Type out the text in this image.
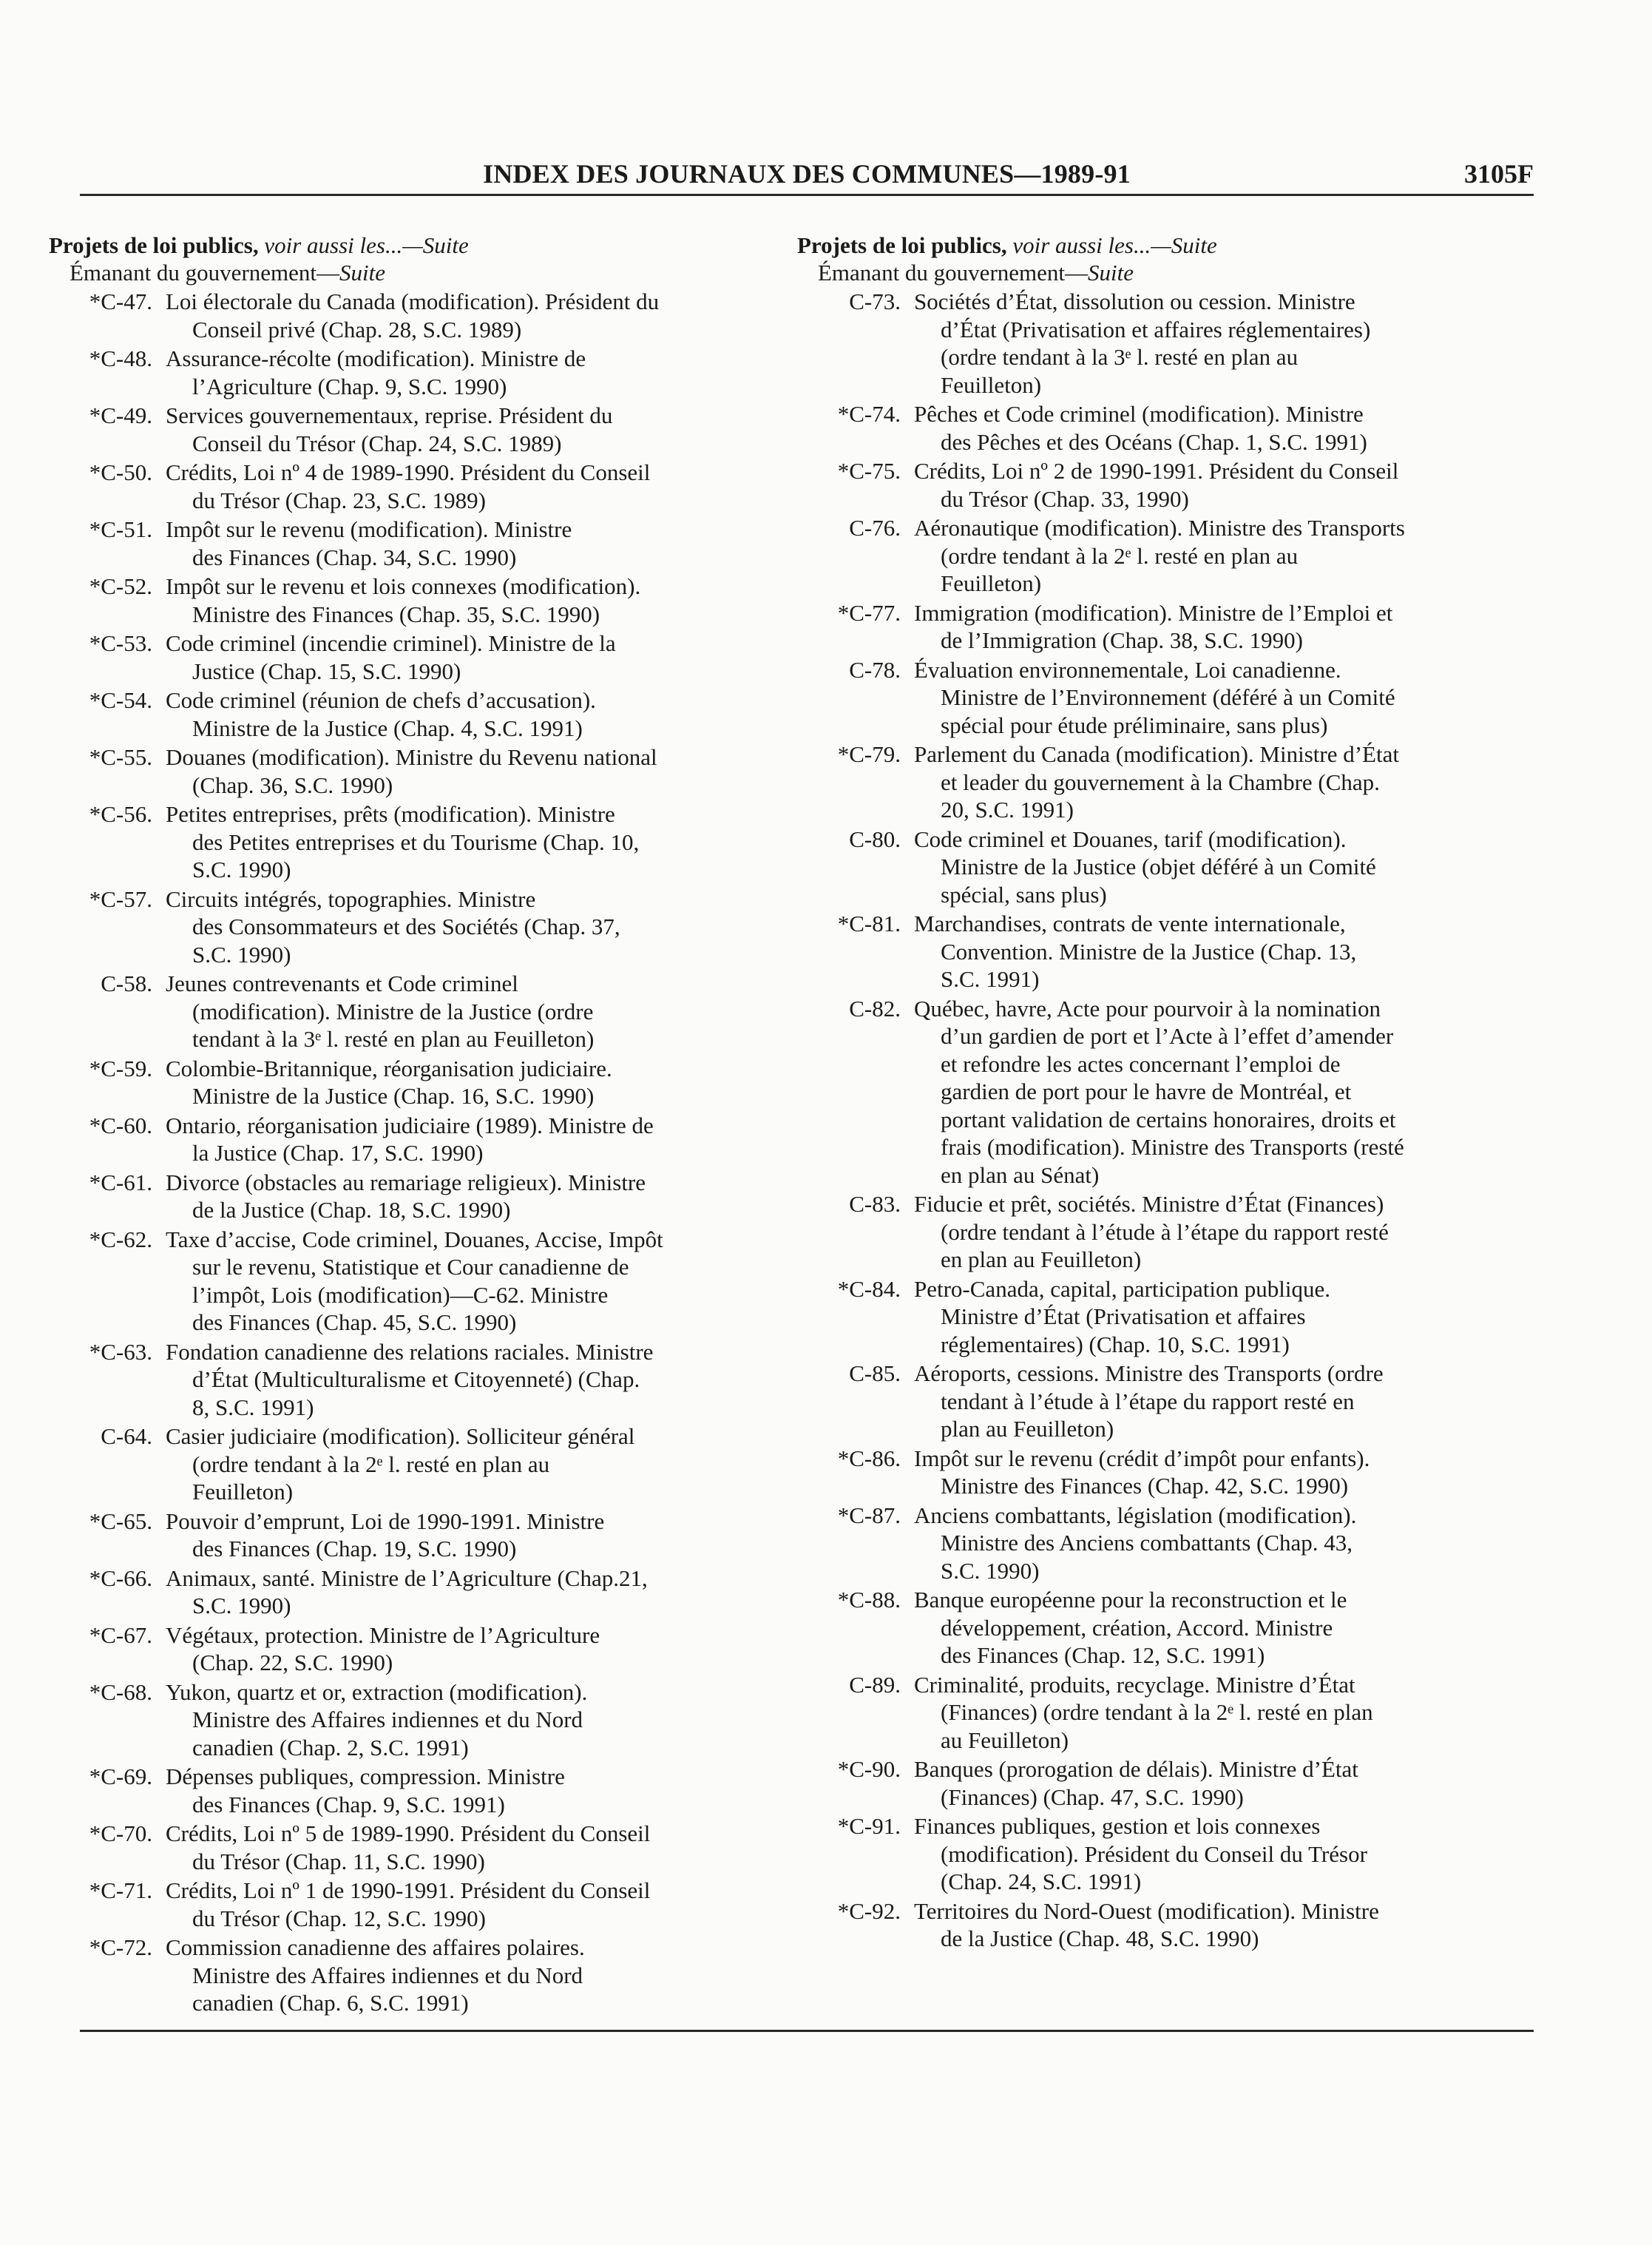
INDEX DES JOURNAUX DES COMMUNES—1989-91	3105F
Projets de loi publics, voir aussi les...—Suite
Émanant du gouvernement—Suite
*C-47. Loi électorale du Canada (modification). Président du
Conseil privé (Chap. 28, S.C. 1989)
*C-48. Assurance-récolte (modification). Ministre de
l’Agriculture (Chap. 9, S.C. 1990)
*C-49. Services gouvernementaux, reprise. Président du
Conseil du Trésor (Chap. 24, S.C. 1989)
*C-50. Crédits, Loi nº 4 de 1989-1990. Président du Conseil
du Trésor (Chap. 23, S.C. 1989)
*C-51. Impôt sur le revenu (modification). Ministre
des Finances (Chap. 34, S.C. 1990)
*C-52. Impôt sur le revenu et lois connexes (modification).
Ministre des Finances (Chap. 35, S.C. 1990)
*C-53. Code criminel (incendie criminel). Ministre de la
Justice (Chap. 15, S.C. 1990)
*C-54. Code criminel (réunion de chefs d’accusation).
Ministre de la Justice (Chap. 4, S.C. 1991)
*C-55. Douanes (modification). Ministre du Revenu national
(Chap. 36, S.C. 1990)
*C-56. Petites entreprises, prêts (modification). Ministre
des Petites entreprises et du Tourisme (Chap. 10,
S.C. 1990)
*C-57. Circuits intégrés, topographies. Ministre
des Consommateurs et des Sociétés (Chap. 37,
S.C. 1990)
C-58. Jeunes contrevenants et Code criminel
(modification). Ministre de la Justice (ordre
tendant à la 3ᵉ l. resté en plan au Feuilleton)
*C-59. Colombie-Britannique, réorganisation judiciaire.
Ministre de la Justice (Chap. 16, S.C. 1990)
*C-60. Ontario, réorganisation judiciaire (1989). Ministre de
la Justice (Chap. 17, S.C. 1990)
*C-61. Divorce (obstacles au remariage religieux). Ministre
de la Justice (Chap. 18, S.C. 1990)
*C-62. Taxe d’accise, Code criminel, Douanes, Accise, Impôt
sur le revenu, Statistique et Cour canadienne de
l’impôt, Lois (modification)—C-62. Ministre
des Finances (Chap. 45, S.C. 1990)
*C-63. Fondation canadienne des relations raciales. Ministre
d’État (Multiculturalisme et Citoyenneté) (Chap.
8, S.C. 1991)
C-64. Casier judiciaire (modification). Solliciteur général
(ordre tendant à la 2ᵉ l. resté en plan au
Feuilleton)
*C-65. Pouvoir d’emprunt, Loi de 1990-1991. Ministre
des Finances (Chap. 19, S.C. 1990)
*C-66. Animaux, santé. Ministre de l’Agriculture (Chap.21,
S.C. 1990)
*C-67. Végétaux, protection. Ministre de l’Agriculture
(Chap. 22, S.C. 1990)
*C-68. Yukon, quartz et or, extraction (modification).
Ministre des Affaires indiennes et du Nord
canadien (Chap. 2, S.C. 1991)
*C-69. Dépenses publiques, compression. Ministre
des Finances (Chap. 9, S.C. 1991)
*C-70. Crédits, Loi nº 5 de 1989-1990. Président du Conseil
du Trésor (Chap. 11, S.C. 1990)
*C-71. Crédits, Loi nº 1 de 1990-1991. Président du Conseil
du Trésor (Chap. 12, S.C. 1990)
*C-72. Commission canadienne des affaires polaires.
Ministre des Affaires indiennes et du Nord
canadien (Chap. 6, S.C. 1991)
Projets de loi publics, voir aussi les...—Suite
Émanant du gouvernement—Suite
C-73. Sociétés d’État, dissolution ou cession. Ministre
d’État (Privatisation et affaires réglementaires)
(ordre tendant à la 3ᵉ l. resté en plan au
Feuilleton)
*C-74. Pêches et Code criminel (modification). Ministre
des Pêches et des Océans (Chap. 1, S.C. 1991)
*C-75. Crédits, Loi nº 2 de 1990-1991. Président du Conseil
du Trésor (Chap. 33, 1990)
C-76. Aéronautique (modification). Ministre des Transports
(ordre tendant à la 2ᵉ l. resté en plan au
Feuilleton)
*C-77. Immigration (modification). Ministre de l’Emploi et
de l’Immigration (Chap. 38, S.C. 1990)
C-78. Évaluation environnementale, Loi canadienne.
Ministre de l’Environnement (déféré à un Comité
spécial pour étude préliminaire, sans plus)
*C-79. Parlement du Canada (modification). Ministre d’État
et leader du gouvernement à la Chambre (Chap.
20, S.C. 1991)
C-80. Code criminel et Douanes, tarif (modification).
Ministre de la Justice (objet déféré à un Comité
spécial, sans plus)
*C-81. Marchandises, contrats de vente internationale,
Convention. Ministre de la Justice (Chap. 13,
S.C. 1991)
C-82. Québec, havre, Acte pour pourvoir à la nomination
d’un gardien de port et l’Acte à l’effet d’amender
et refondre les actes concernant l’emploi de
gardien de port pour le havre de Montréal, et
portant validation de certains honoraires, droits et
frais (modification). Ministre des Transports (resté
en plan au Sénat)
C-83. Fiducie et prêt, sociétés. Ministre d’État (Finances)
(ordre tendant à l’étude à l’étape du rapport resté
en plan au Feuilleton)
*C-84. Petro-Canada, capital, participation publique.
Ministre d’État (Privatisation et affaires
réglementaires) (Chap. 10, S.C. 1991)
C-85. Aéroports, cessions. Ministre des Transports (ordre
tendant à l’étude à l’étape du rapport resté en
plan au Feuilleton)
*C-86. Impôt sur le revenu (crédit d’impôt pour enfants).
Ministre des Finances (Chap. 42, S.C. 1990)
*C-87. Anciens combattants, législation (modification).
Ministre des Anciens combattants (Chap. 43,
S.C. 1990)
*C-88. Banque européenne pour la reconstruction et le
développement, création, Accord. Ministre
des Finances (Chap. 12, S.C. 1991)
C-89. Criminalité, produits, recyclage. Ministre d’État
(Finances) (ordre tendant à la 2ᵉ l. resté en plan
au Feuilleton)
*C-90. Banques (prorogation de délais). Ministre d’État
(Finances) (Chap. 47, S.C. 1990)
*C-91. Finances publiques, gestion et lois connexes
(modification). Président du Conseil du Trésor
(Chap. 24, S.C. 1991)
*C-92. Territoires du Nord-Ouest (modification). Ministre
de la Justice (Chap. 48, S.C. 1990)
